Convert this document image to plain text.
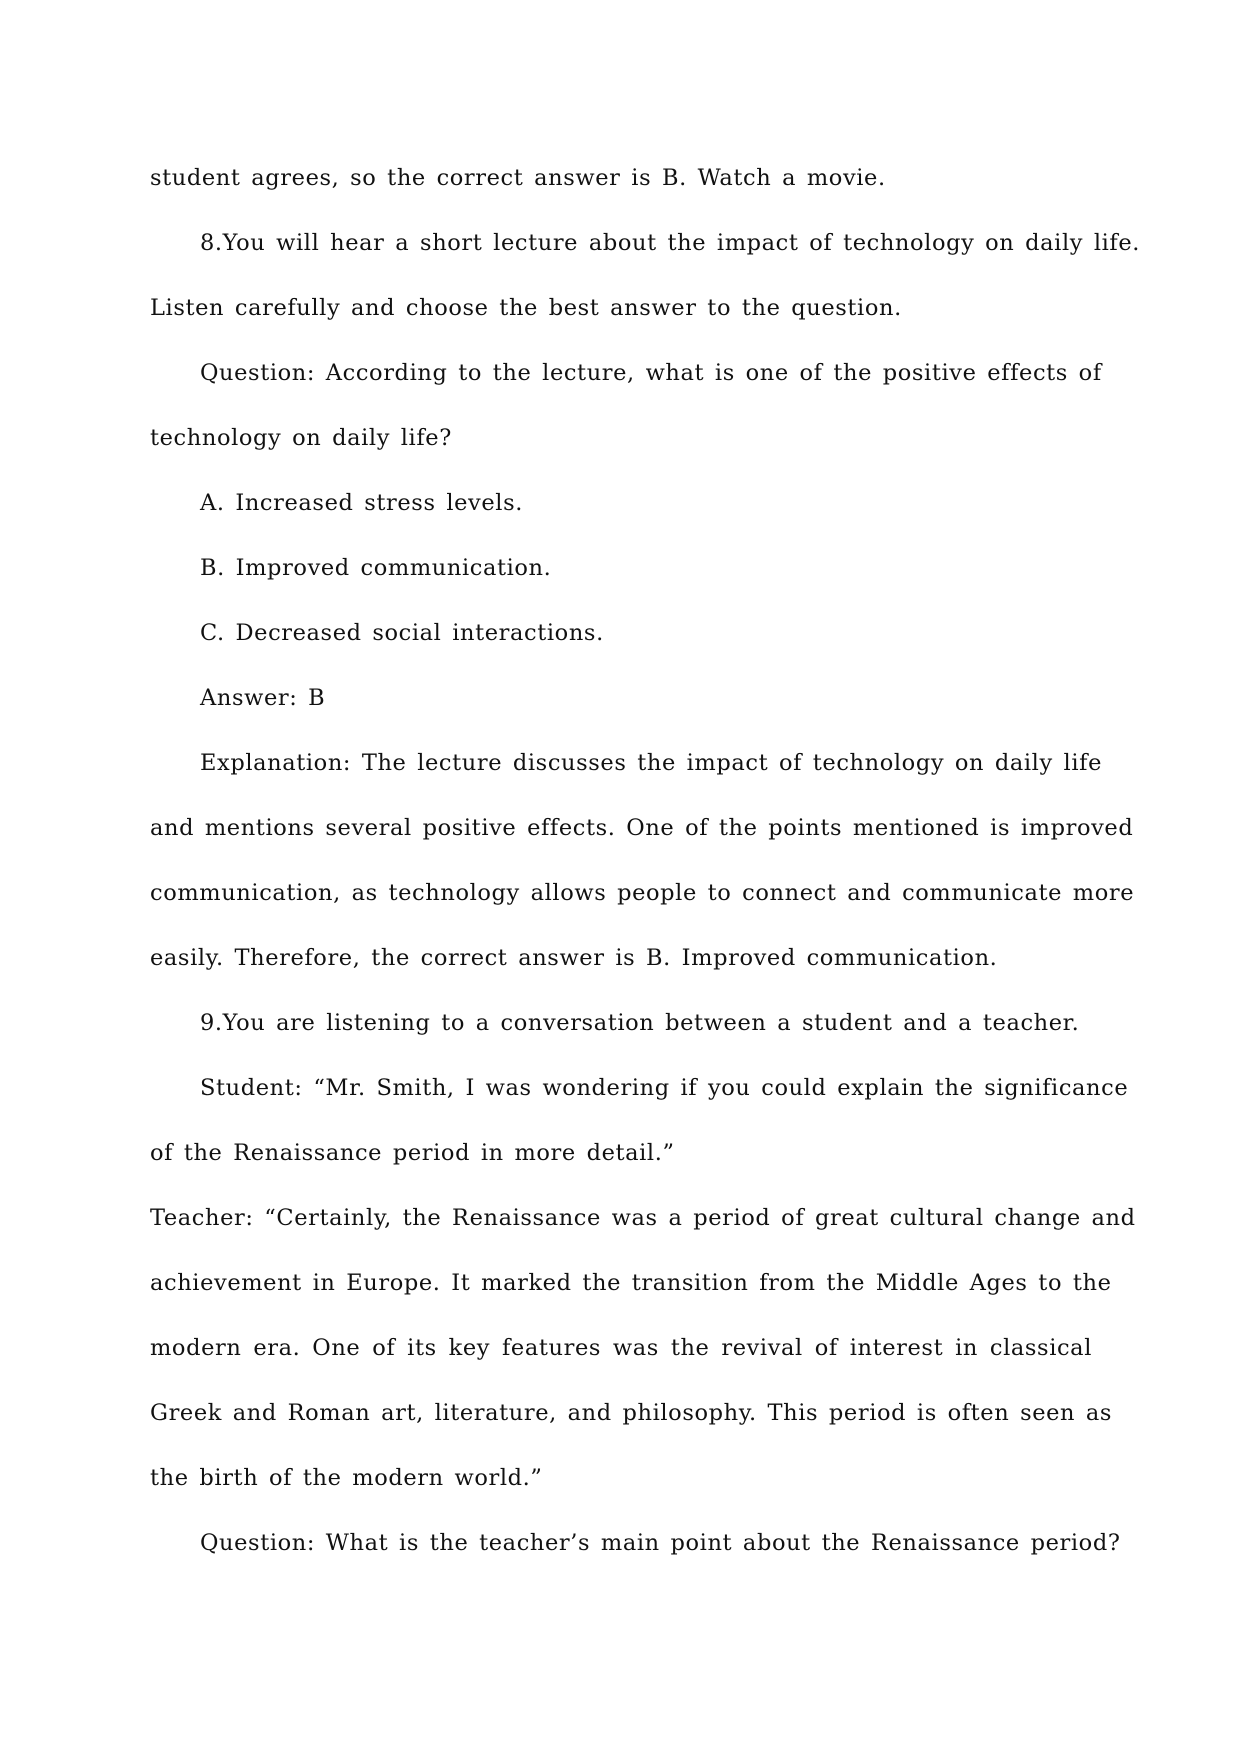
student agrees, so the correct answer is B. Watch a movie.

8.You will hear a short lecture about the impact of technology on daily life.

Listen carefully and choose the best answer to the question.

Question: According to the lecture, what is one of the positive effects of

technology on daily life?

A. Increased stress levels.

B. Improved communication.

C. Decreased social interactions.

Answer: B

Explanation: The lecture discusses the impact of technology on daily life

and mentions several positive effects. One of the points mentioned is improved

communication, as technology allows people to connect and communicate more

easily. Therefore, the correct answer is B. Improved communication.

9.You are listening to a conversation between a student and a teacher.

Student: “Mr. Smith, I was wondering if you could explain the significance

of the Renaissance period in more detail.”

Teacher: “Certainly, the Renaissance was a period of great cultural change and

achievement in Europe. It marked the transition from the Middle Ages to the

modern era. One of its key features was the revival of interest in classical

Greek and Roman art, literature, and philosophy. This period is often seen as

the birth of the modern world.”

Question: What is the teacher’s main point about the Renaissance period?
